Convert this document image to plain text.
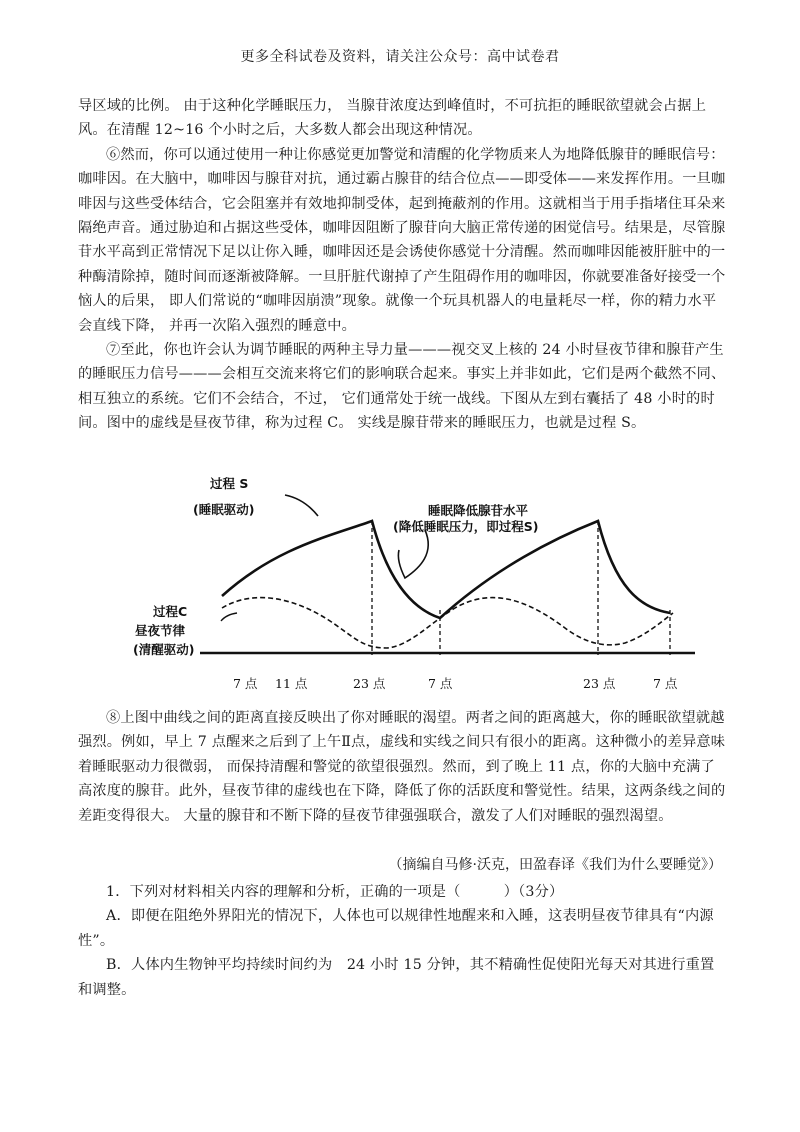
更多全科试卷及资料，请关注公众号：高中试卷君

导区域的比例。 由于这种化学睡眠压力， 当腺苷浓度达到峰值时，不可抗拒的睡眠欲望就会占据上风。在清醒 12~16 个小时之后，大多数人都会出现这种情况。

⑥然而，你可以通过使用一种让你感觉更加警觉和清醒的化学物质来人为地降低腺苷的睡眠信号：咖啡因。在大脑中，咖啡因与腺苷对抗，通过霸占腺苷的结合位点——即受体——来发挥作用。一旦咖啡因与这些受体结合，它会阻塞并有效地抑制受体，起到掩蔽剂的作用。这就相当于用手指堵住耳朵来隔绝声音。通过胁迫和占据这些受体，咖啡因阻断了腺苷向大脑正常传递的困觉信号。结果是，尽管腺苷水平高到正常情况下足以让你入睡，咖啡因还是会诱使你感觉十分清醒。然而咖啡因能被肝脏中的一种酶清除掉，随时间而逐渐被降解。一旦肝脏代谢掉了产生阻碍作用的咖啡因，你就要准备好接受一个恼人的后果， 即人们常说的“咖啡因崩溃”现象。就像一个玩具机器人的电量耗尽一样，你的精力水平会直线下降， 并再一次陷入强烈的睡意中。

⑦至此，你也许会认为调节睡眠的两种主导力量———视交叉上核的 24 小时昼夜节律和腺苷产生的睡眠压力信号———会相互交流来将它们的影响联合起来。事实上并非如此，它们是两个截然不同、相互独立的系统。它们不会结合，不过， 它们通常处于统一战线。下图从左到右囊括了 48 小时的时间。图中的虚线是昼夜节律，称为过程 C。 实线是腺苷带来的睡眠压力，也就是过程 S。

过程 S
(睡眠驱动)	睡眠降低腺苷水平
(降低睡眠压力，即过程S)
过程C
昼夜节律
(清醒驱动)
7 点 11 点	23 点	7 点	23 点	7 点

⑧上图中曲线之间的距离直接反映出了你对睡眠的渴望。两者之间的距离越大，你的睡眠欲望就越强烈。例如，早上 7 点醒来之后到了上午Ⅱ点，虚线和实线之间只有很小的距离。这种微小的差异意味着睡眠驱动力很微弱， 而保持清醒和警觉的欲望很强烈。然而，到了晚上 11 点，你的大脑中充满了高浓度的腺苷。此外，昼夜节律的虚线也在下降，降低了你的活跃度和警觉性。结果，这两条线之间的差距变得很大。 大量的腺苷和不断下降的昼夜节律强强联合，激发了人们对睡眠的强烈渴望。

（摘编自马修·沃克，田盈春译《我们为什么要睡觉》）

1．下列对材料相关内容的理解和分析，正确的一项是（　　　）（3分）

A．即便在阻绝外界阳光的情况下，人体也可以规律性地醒来和入睡，这表明昼夜节律具有“内源性”。

B．人体内生物钟平均持续时间约为　24 小时 15 分钟，其不精确性促使阳光每天对其进行重置和调整。
